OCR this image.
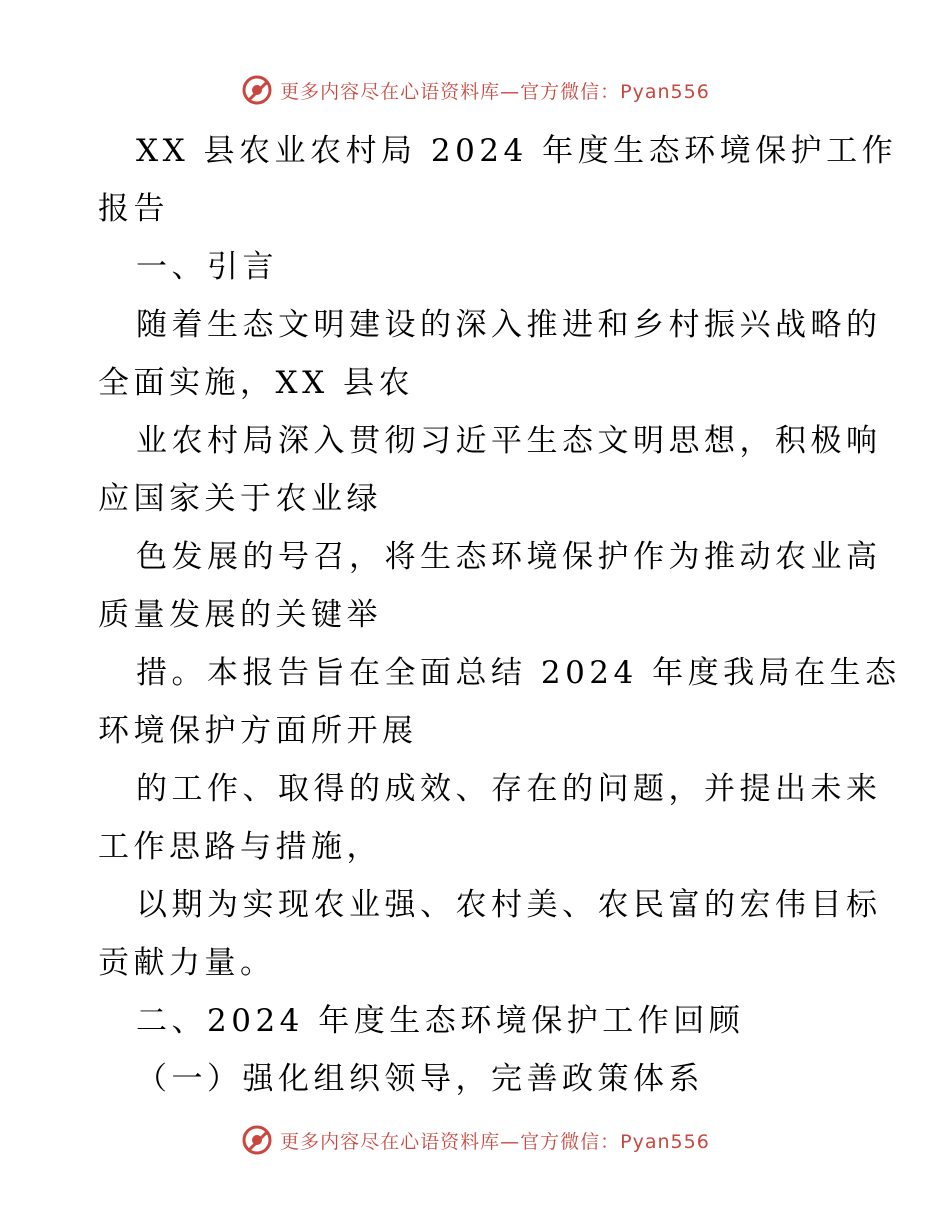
更多内容尽在心语资料库—官方微信：Pyan556
XX 县农业农村局 2024 年度生态环境保护工作
报告
一、引言
随着生态文明建设的深入推进和乡村振兴战略的
全面实施，XX 县农
业农村局深入贯彻习近平生态文明思想，积极响
应国家关于农业绿
色发展的号召，将生态环境保护作为推动农业高
质量发展的关键举
措。本报告旨在全面总结 2024 年度我局在生态
环境保护方面所开展
的工作、取得的成效、存在的问题，并提出未来
工作思路与措施，
以期为实现农业强、农村美、农民富的宏伟目标
贡献力量。
二、2024 年度生态环境保护工作回顾
（一）强化组织领导，完善政策体系
更多内容尽在心语资料库—官方微信：Pyan556
